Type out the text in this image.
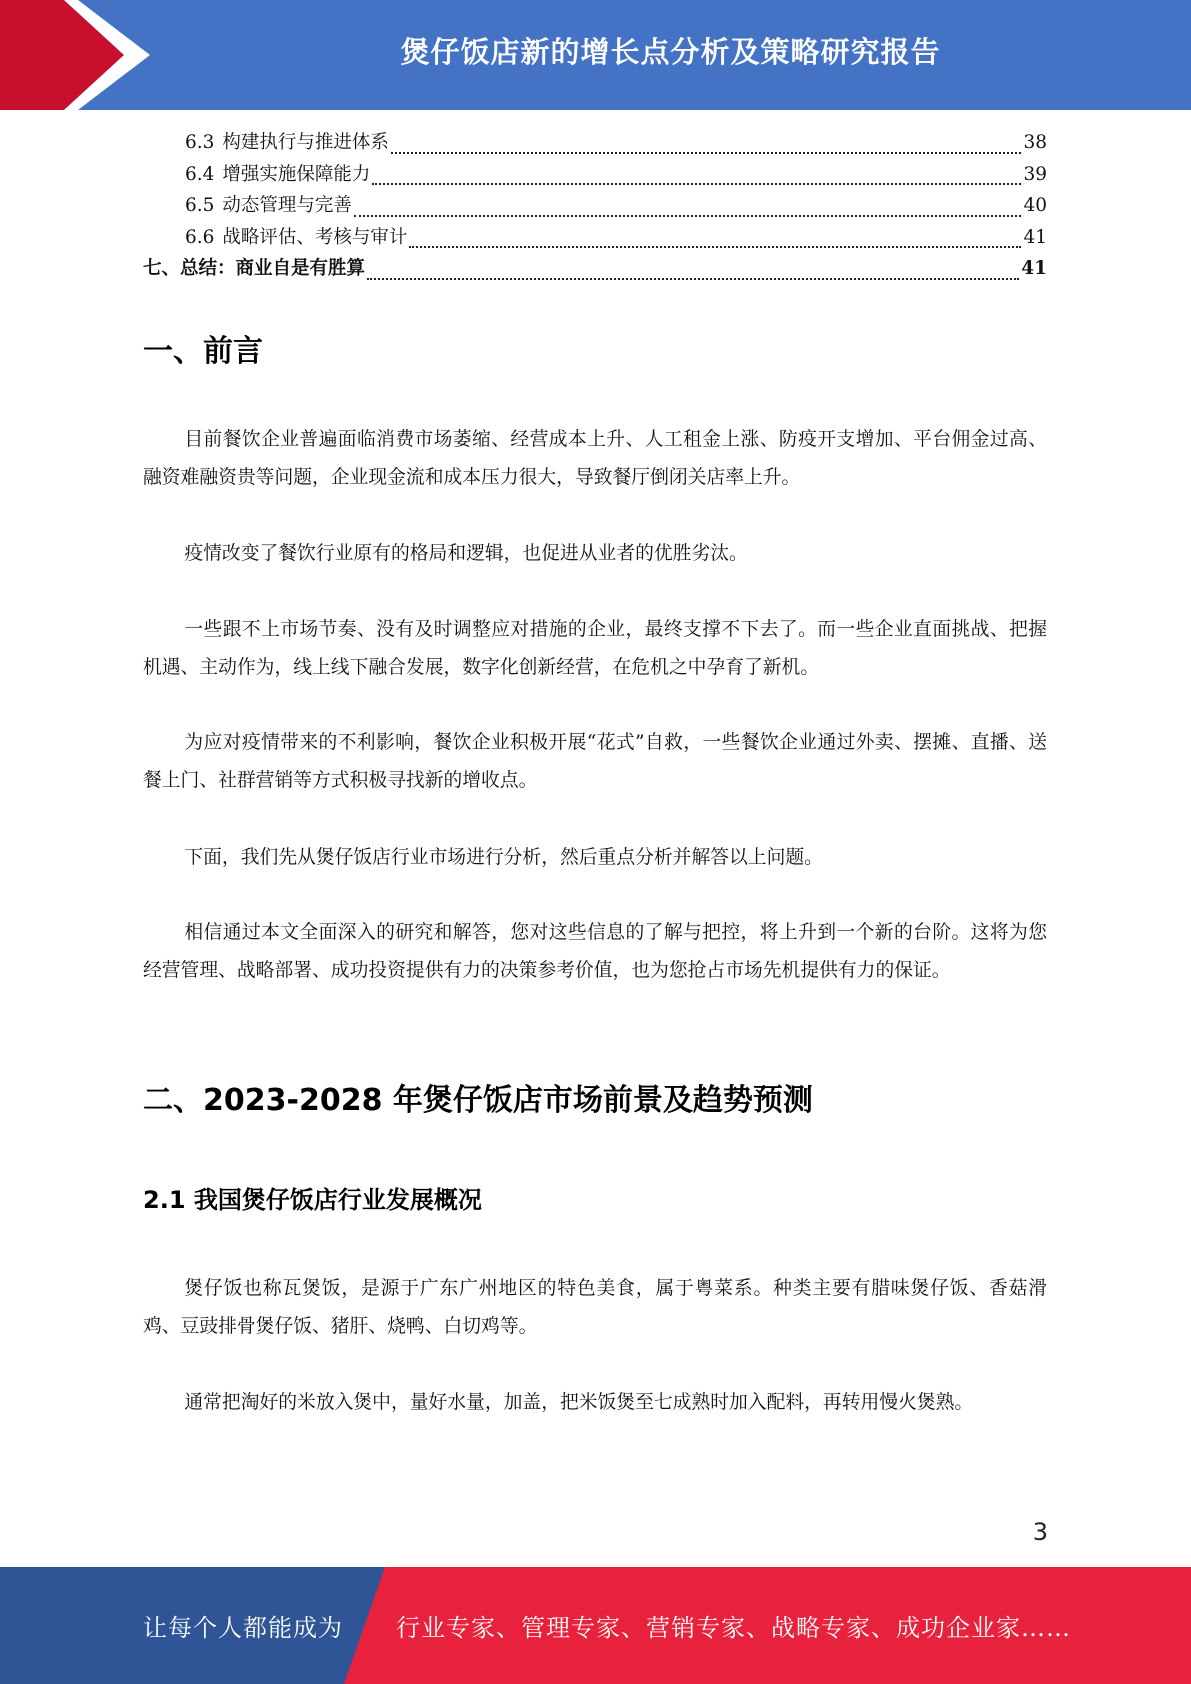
煲仔饭店新的增长点分析及策略研究报告
6.3 构建执行与推进体系	38
6.4 增强实施保障能力	39
6.5 动态管理与完善	40
6.6 战略评估、考核与审计	41
七、总结：商业自是有胜算	41
一、前言

目前餐饮企业普遍面临消费市场萎缩、经营成本上升、人工租金上涨、防疫开支增加、平台佣金过高、融资难融资贵等问题，企业现金流和成本压力很大，导致餐厅倒闭关店率上升。

疫情改变了餐饮行业原有的格局和逻辑，也促进从业者的优胜劣汰。

一些跟不上市场节奏、没有及时调整应对措施的企业，最终支撑不下去了。而一些企业直面挑战、把握机遇、主动作为，线上线下融合发展，数字化创新经营，在危机之中孕育了新机。

为应对疫情带来的不利影响，餐饮企业积极开展“花式”自救，一些餐饮企业通过外卖、摆摊、直播、送餐上门、社群营销等方式积极寻找新的增收点。

下面，我们先从煲仔饭店行业市场进行分析，然后重点分析并解答以上问题。

相信通过本文全面深入的研究和解答，您对这些信息的了解与把控，将上升到一个新的台阶。这将为您经营管理、战略部署、成功投资提供有力的决策参考价值，也为您抢占市场先机提供有力的保证。

二、2023-2028 年煲仔饭店市场前景及趋势预测
2.1 我国煲仔饭店行业发展概况

煲仔饭也称瓦煲饭，是源于广东广州地区的特色美食，属于粤菜系。种类主要有腊味煲仔饭、香菇滑鸡、豆豉排骨煲仔饭、猪肝、烧鸭、白切鸡等。

通常把淘好的米放入煲中，量好水量，加盖，把米饭煲至七成熟时加入配料，再转用慢火煲熟。

3
让每个人都能成为 行业专家、管理专家、营销专家、战略专家、成功企业家……
